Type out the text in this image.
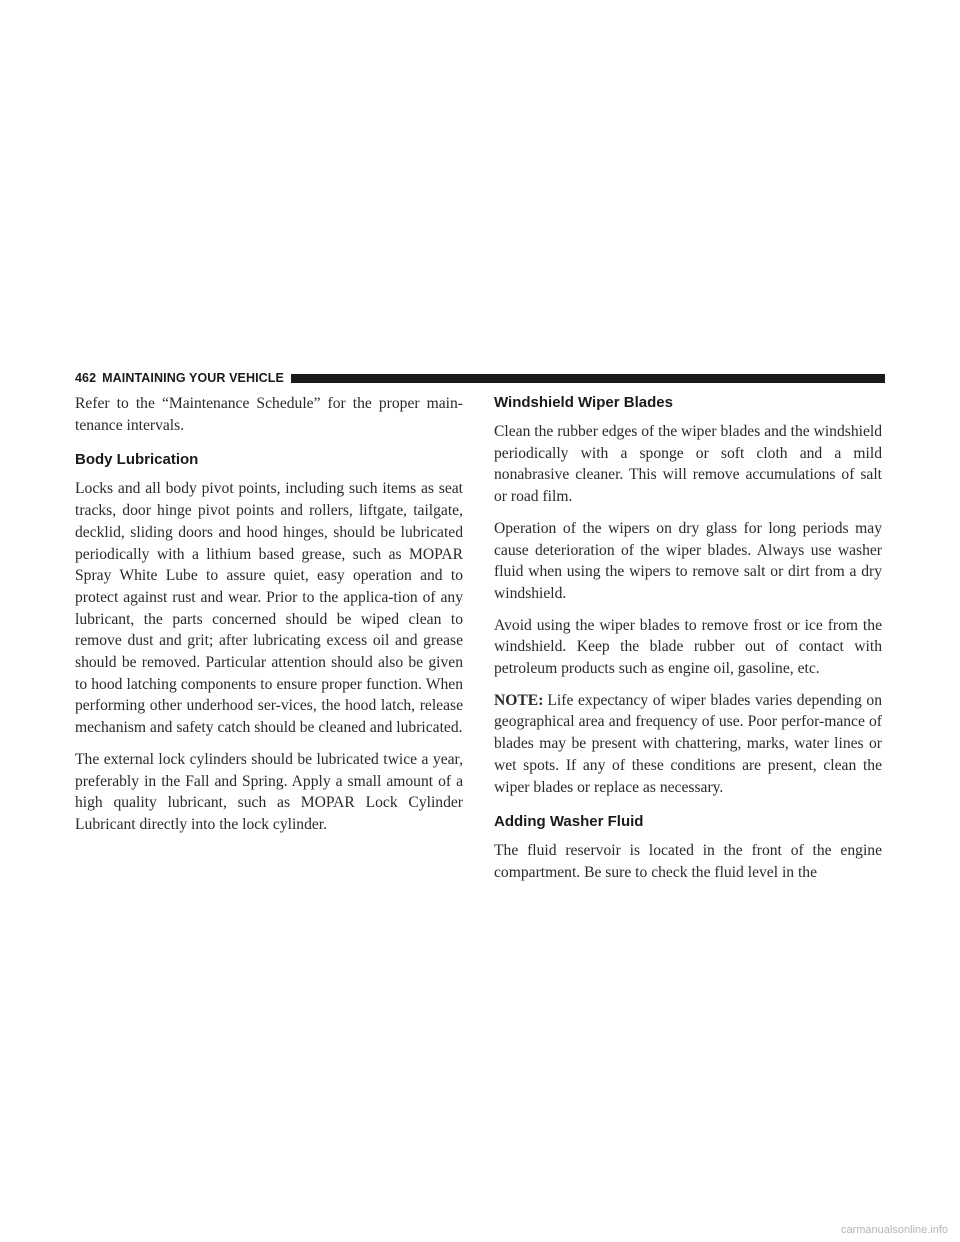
462 MAINTAINING YOUR VEHICLE

Refer to the “Maintenance Schedule” for the proper main-tenance intervals.

Body Lubrication

Locks and all body pivot points, including such items as seat tracks, door hinge pivot points and rollers, liftgate, tailgate, decklid, sliding doors and hood hinges, should be lubricated periodically with a lithium based grease, such as MOPAR Spray White Lube to assure quiet, easy operation and to protect against rust and wear. Prior to the applica-tion of any lubricant, the parts concerned should be wiped clean to remove dust and grit; after lubricating excess oil and grease should be removed. Particular attention should also be given to hood latching components to ensure proper function. When performing other underhood ser-vices, the hood latch, release mechanism and safety catch should be cleaned and lubricated.

The external lock cylinders should be lubricated twice a year, preferably in the Fall and Spring. Apply a small amount of a high quality lubricant, such as MOPAR Lock Cylinder Lubricant directly into the lock cylinder.

Windshield Wiper Blades

Clean the rubber edges of the wiper blades and the windshield periodically with a sponge or soft cloth and a mild nonabrasive cleaner. This will remove accumulations of salt or road film.

Operation of the wipers on dry glass for long periods may cause deterioration of the wiper blades. Always use washer fluid when using the wipers to remove salt or dirt from a dry windshield.

Avoid using the wiper blades to remove frost or ice from the windshield. Keep the blade rubber out of contact with petroleum products such as engine oil, gasoline, etc.

NOTE: Life expectancy of wiper blades varies depending on geographical area and frequency of use. Poor perfor-mance of blades may be present with chattering, marks, water lines or wet spots. If any of these conditions are present, clean the wiper blades or replace as necessary.

Adding Washer Fluid

The fluid reservoir is located in the front of the engine compartment. Be sure to check the fluid level in the

carmanualsonline.info
